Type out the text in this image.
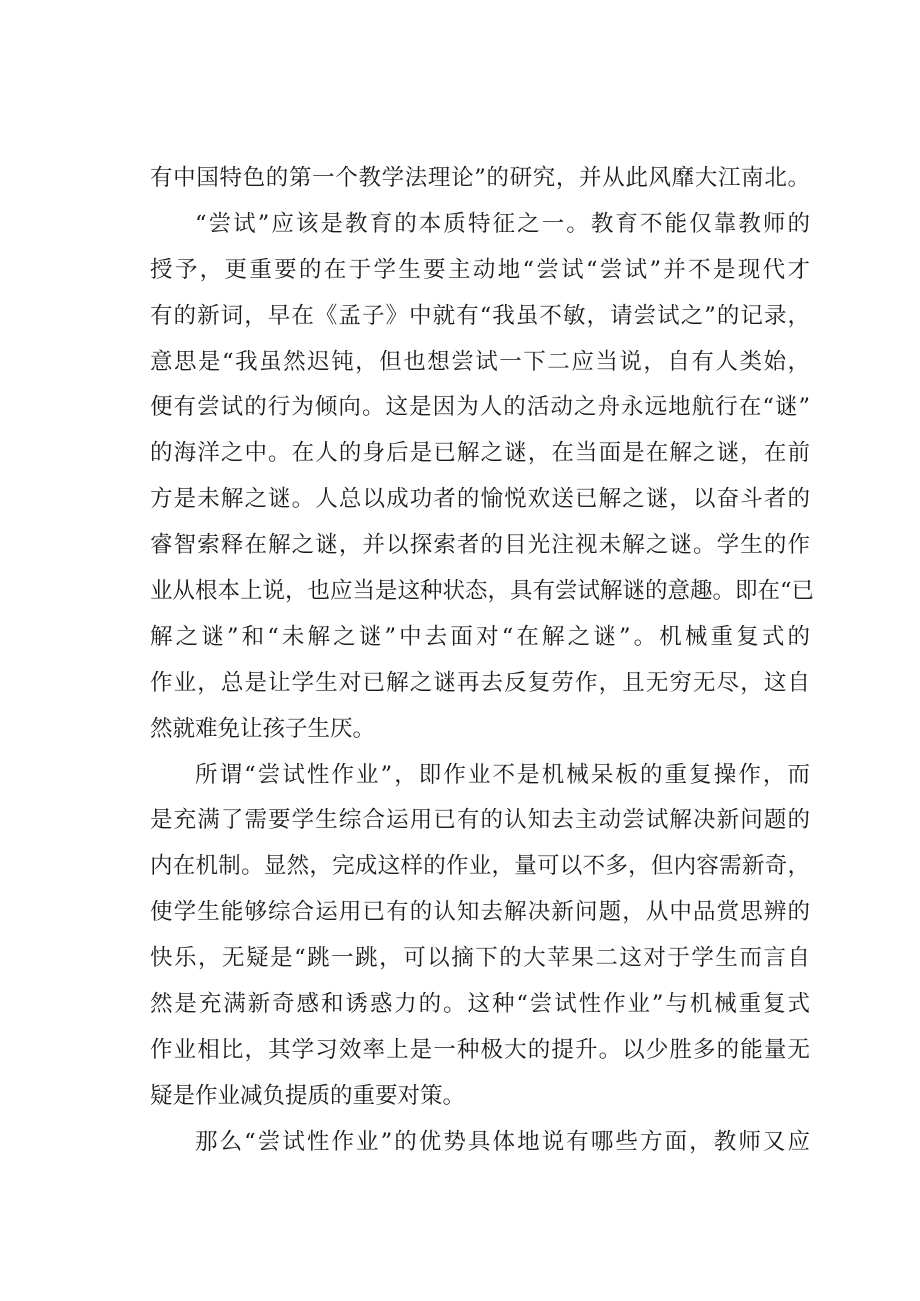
有中国特色的第一个教学法理论”的研究，并从此风靡大江南北。
“尝试”应该是教育的本质特征之一。教育不能仅靠教师的
授予，更重要的在于学生要主动地“尝试“尝试”并不是现代才
有的新词，早在《孟子》中就有“我虽不敏，请尝试之”的记录，
意思是“我虽然迟钝，但也想尝试一下二应当说，自有人类始，
便有尝试的行为倾向。这是因为人的活动之舟永远地航行在“谜”
的海洋之中。在人的身后是已解之谜，在当面是在解之谜，在前
方是未解之谜。人总以成功者的愉悦欢送已解之谜，以奋斗者的
睿智索释在解之谜，并以探索者的目光注视未解之谜。学生的作
业从根本上说，也应当是这种状态，具有尝试解谜的意趣。即在“已
解之谜”和“未解之谜”中去面对“在解之谜”。机械重复式的
作业，总是让学生对已解之谜再去反复劳作，且无穷无尽，这自
然就难免让孩子生厌。
所谓“尝试性作业”，即作业不是机械呆板的重复操作，而
是充满了需要学生综合运用已有的认知去主动尝试解决新问题的
内在机制。显然，完成这样的作业，量可以不多，但内容需新奇，
使学生能够综合运用已有的认知去解决新问题，从中品赏思辨的
快乐，无疑是“跳一跳，可以摘下的大苹果二这对于学生而言自
然是充满新奇感和诱惑力的。这种“尝试性作业”与机械重复式
作业相比，其学习效率上是一种极大的提升。以少胜多的能量无
疑是作业减负提质的重要对策。
那么“尝试性作业”的优势具体地说有哪些方面，教师又应
